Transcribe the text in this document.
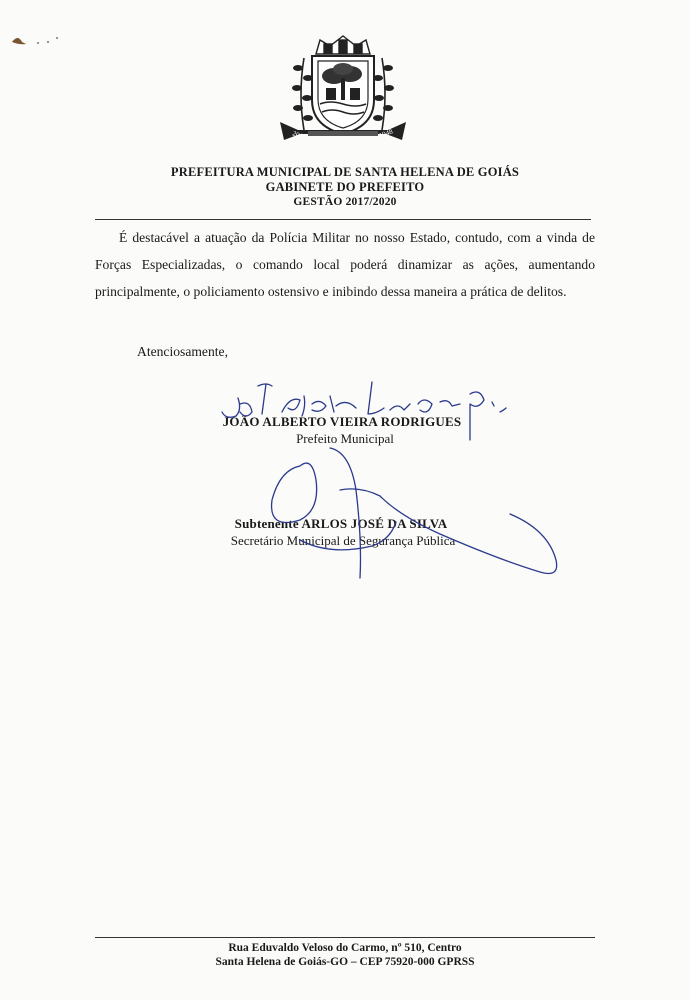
2017	1948
PREFEITURA MUNICIPAL DE SANTA HELENA DE GOIÁS
GABINETE DO PREFEITO
GESTÃO 2017/2020

É destacável a atuação da Polícia Militar no nosso Estado, contudo, com a vinda de Forças Especializadas, o comando local poderá dinamizar as ações, aumentando principalmente, o policiamento ostensivo e inibindo dessa maneira a prática de delitos.

Atenciosamente,
JOÃO ALBERTO VIEIRA RODRIGUES
Prefeito Municipal
Subtenente ARLOS JOSÉ DA SILVA
Secretário Municipal de Segurança Pública
Rua Eduvaldo Veloso do Carmo, nº 510, Centro
Santa Helena de Goiás-GO – CEP 75920-000 GPRSS
